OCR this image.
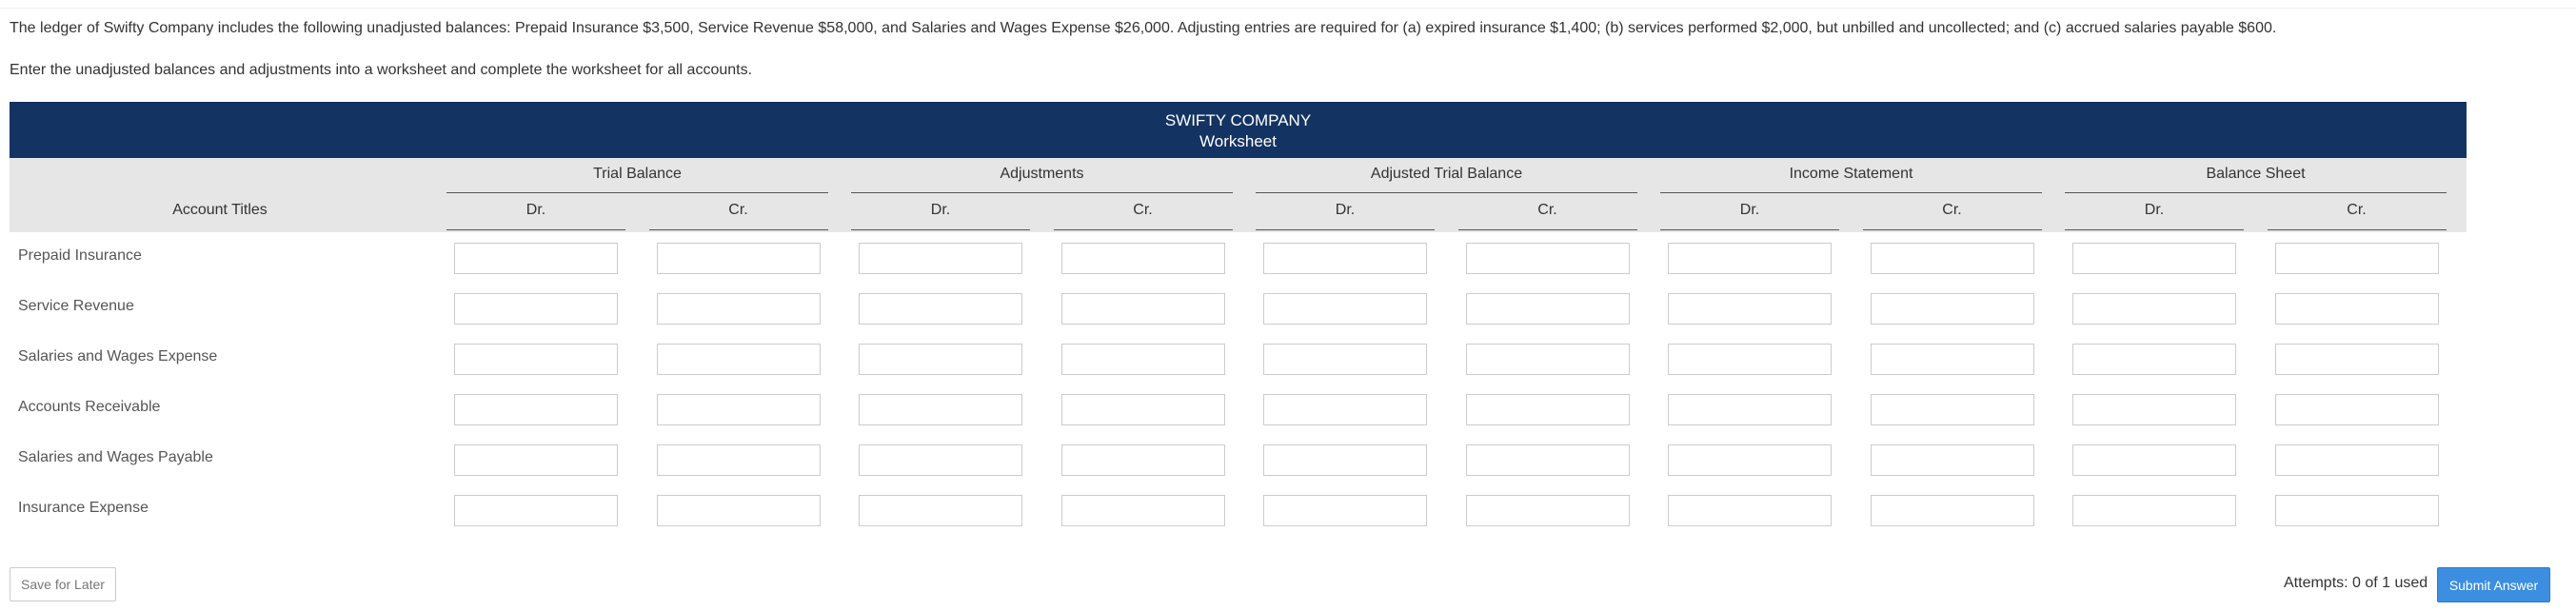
The ledger of Swifty Company includes the following unadjusted balances: Prepaid Insurance $3,500, Service Revenue $58,000, and Salaries and Wages Expense $26,000. Adjusting entries are required for (a) expired insurance $1,400; (b) services performed $2,000, but unbilled and uncollected; and (c) accrued salaries payable $600.

Enter the unadjusted balances and adjustments into a worksheet and complete the worksheet for all accounts.

SWIFTY COMPANY
Worksheet
Account Titles
Trial Balance
Dr.	Cr.
Adjustments
Dr.	Cr.
Adjusted Trial Balance
Dr.	Cr.
Income Statement
Dr.	Cr.
Balance Sheet
Dr.	Cr.
Prepaid Insurance
Service Revenue
Salaries and Wages Expense
Accounts Receivable
Salaries and Wages Payable
Insurance Expense
Save for Later	Attempts: 0 of 1 used	Submit Answer
